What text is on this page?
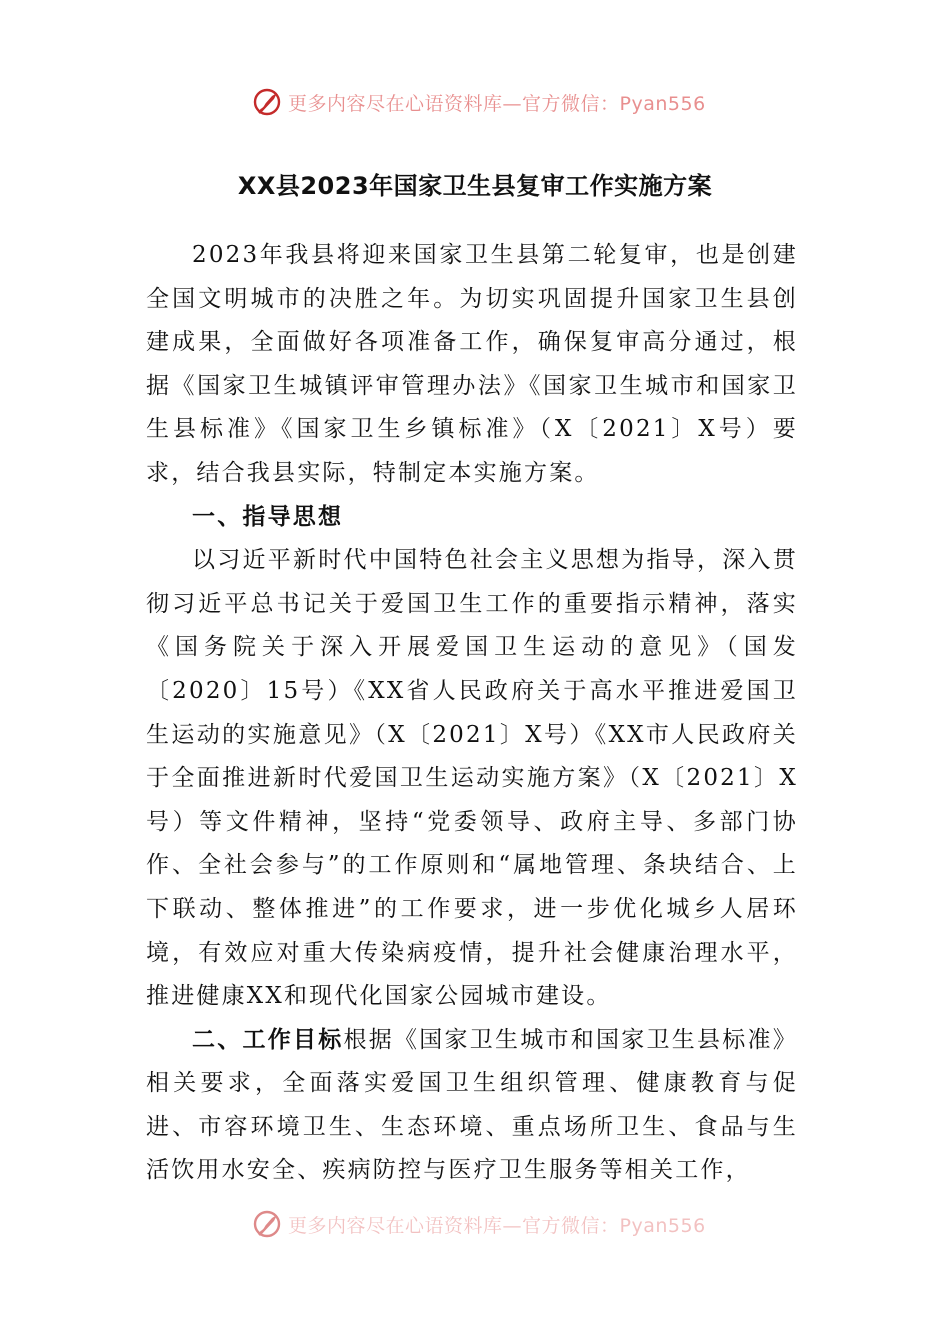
更多内容尽在心语资料库—官方微信：Pyan556
XX县2023年国家卫生县复审工作实施方案

2023年我县将迎来国家卫生县第二轮复审，也是创建全国文明城市的决胜之年。为切实巩固提升国家卫生县创建成果，全面做好各项准备工作，确保复审高分通过，根据《国家卫生城镇评审管理办法》《国家卫生城市和国家卫生县标准》《国家卫生乡镇标准》（X〔2021〕X号）要求，结合我县实际，特制定本实施方案。

一、指导思想

以习近平新时代中国特色社会主义思想为指导，深入贯彻习近平总书记关于爱国卫生工作的重要指示精神，落实《国务院关于深入开展爱国卫生运动的意见》（国发〔2020〕15号）《XX省人民政府关于高水平推进爱国卫生运动的实施意见》（X〔2021〕X号）《XX市人民政府关于全面推进新时代爱国卫生运动实施方案》（X〔2021〕X号）等文件精神，坚持“党委领导、政府主导、多部门协作、全社会参与”的工作原则和“属地管理、条块结合、上下联动、整体推进”的工作要求，进一步优化城乡人居环境，有效应对重大传染病疫情，提升社会健康治理水平，推进健康XX和现代化国家公园城市建设。

二、工作目标根据《国家卫生城市和国家卫生县标准》相关要求，全面落实爱国卫生组织管理、健康教育与促进、市容环境卫生、生态环境、重点场所卫生、食品与生活饮用水安全、疾病防控与医疗卫生服务等相关工作，

更多内容尽在心语资料库—官方微信：Pyan556
